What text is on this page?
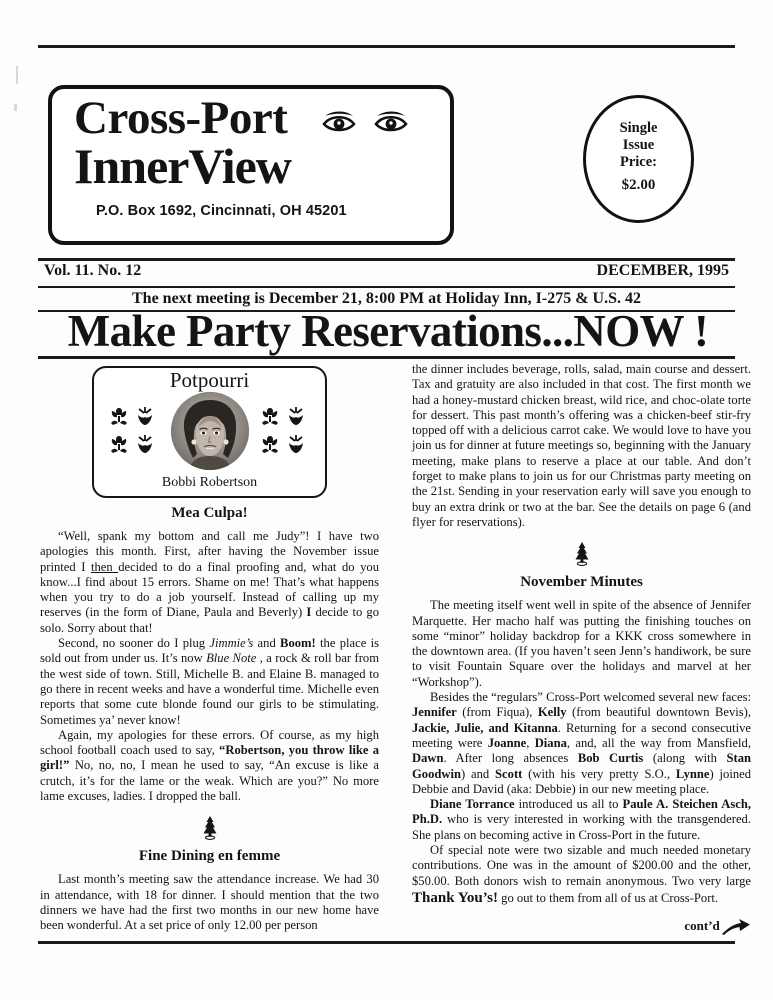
Cross-Port
InnerView
P.O. Box 1692, Cincinnati, OH 45201
Single
Issue
Price:
$2.00
Vol. 11. No. 12	DECEMBER, 1995
The next meeting is December 21, 8:00 PM at Holiday Inn, I-275 & U.S. 42
Make Party Reservations...NOW !
Potpourri
Bobbi Robertson
Mea Culpa!

“Well, spank my bottom and call me Judy”! I have two apologies this month. First, after having the November issue printed I then decided to do a final proofing and, what do you know...I find about 15 errors. Shame on me! That’s what happens when you try to do a job yourself. Instead of calling up my reserves (in the form of Diane, Paula and Beverly) I decide to go solo. Sorry about that!

Second, no sooner do I plug Jimmie’s and Boom! the place is sold out from under us. It’s now Blue Note , a rock & roll bar from the west side of town. Still, Michelle B. and Elaine B. managed to go there in recent weeks and have a wonderful time. Michelle even reports that some cute blonde found our girls to be stimulating. Sometimes ya’ never know!

Again, my apologies for these errors. Of course, as my high school football coach used to say, “Robertson, you throw like a girl!” No, no, no, I mean he used to say, “An excuse is like a crutch, it’s for the lame or the weak. Which are you?” No more lame excuses, ladies. I dropped the ball.

Fine Dining en femme

Last month’s meeting saw the attendance increase. We had 30 in attendance, with 18 for dinner. I should mention that the two dinners we have had the first two months in our new home have been wonderful. At a set price of only 12.00 per person

the dinner includes beverage, rolls, salad, main course and dessert. Tax and gratuity are also included in that cost. The first month we had a honey-mustard chicken breast, wild rice, and choc-olate torte for dessert. This past month’s offering was a chicken-beef stir-fry topped off with a delicious carrot cake. We would love to have you join us for dinner at future meetings so, beginning with the January meeting, make plans to reserve a place at our table. And don’t forget to make plans to join us for our Christmas party meeting on the 21st. Sending in your reservation early will save you enough to buy an extra drink or two at the bar. See the details on page 6 (and flyer for reservations).

November Minutes

The meeting itself went well in spite of the absence of Jennifer Marquette. Her macho half was putting the finishing touches on some “minor” holiday backdrop for a KKK cross somewhere in the downtown area. (If you haven’t seen Jenn’s handiwork, be sure to visit Fountain Square over the holidays and marvel at her “Workshop”).

Besides the “regulars” Cross-Port welcomed several new faces: Jennifer (from Fiqua), Kelly (from beautiful downtown Bevis), Jackie, Julie, and Kitanna. Returning for a second consecutive meeting were Joanne, Diana, and, all the way from Mansfield, Dawn. After long absences Bob Curtis (along with Stan Goodwin) and Scott (with his very pretty S.O., Lynne) joined Debbie and David (aka: Debbie) in our new meeting place.

Diane Torrance introduced us all to Paule A. Steichen Asch, Ph.D. who is very interested in working with the transgendered. She plans on becoming active in Cross-Port in the future.

Of special note were two sizable and much needed monetary contributions. One was in the amount of $200.00 and the other, $50.00. Both donors wish to remain anonymous. Two very large Thank You’s! go out to them from all of us at Cross-Port.

cont’d
